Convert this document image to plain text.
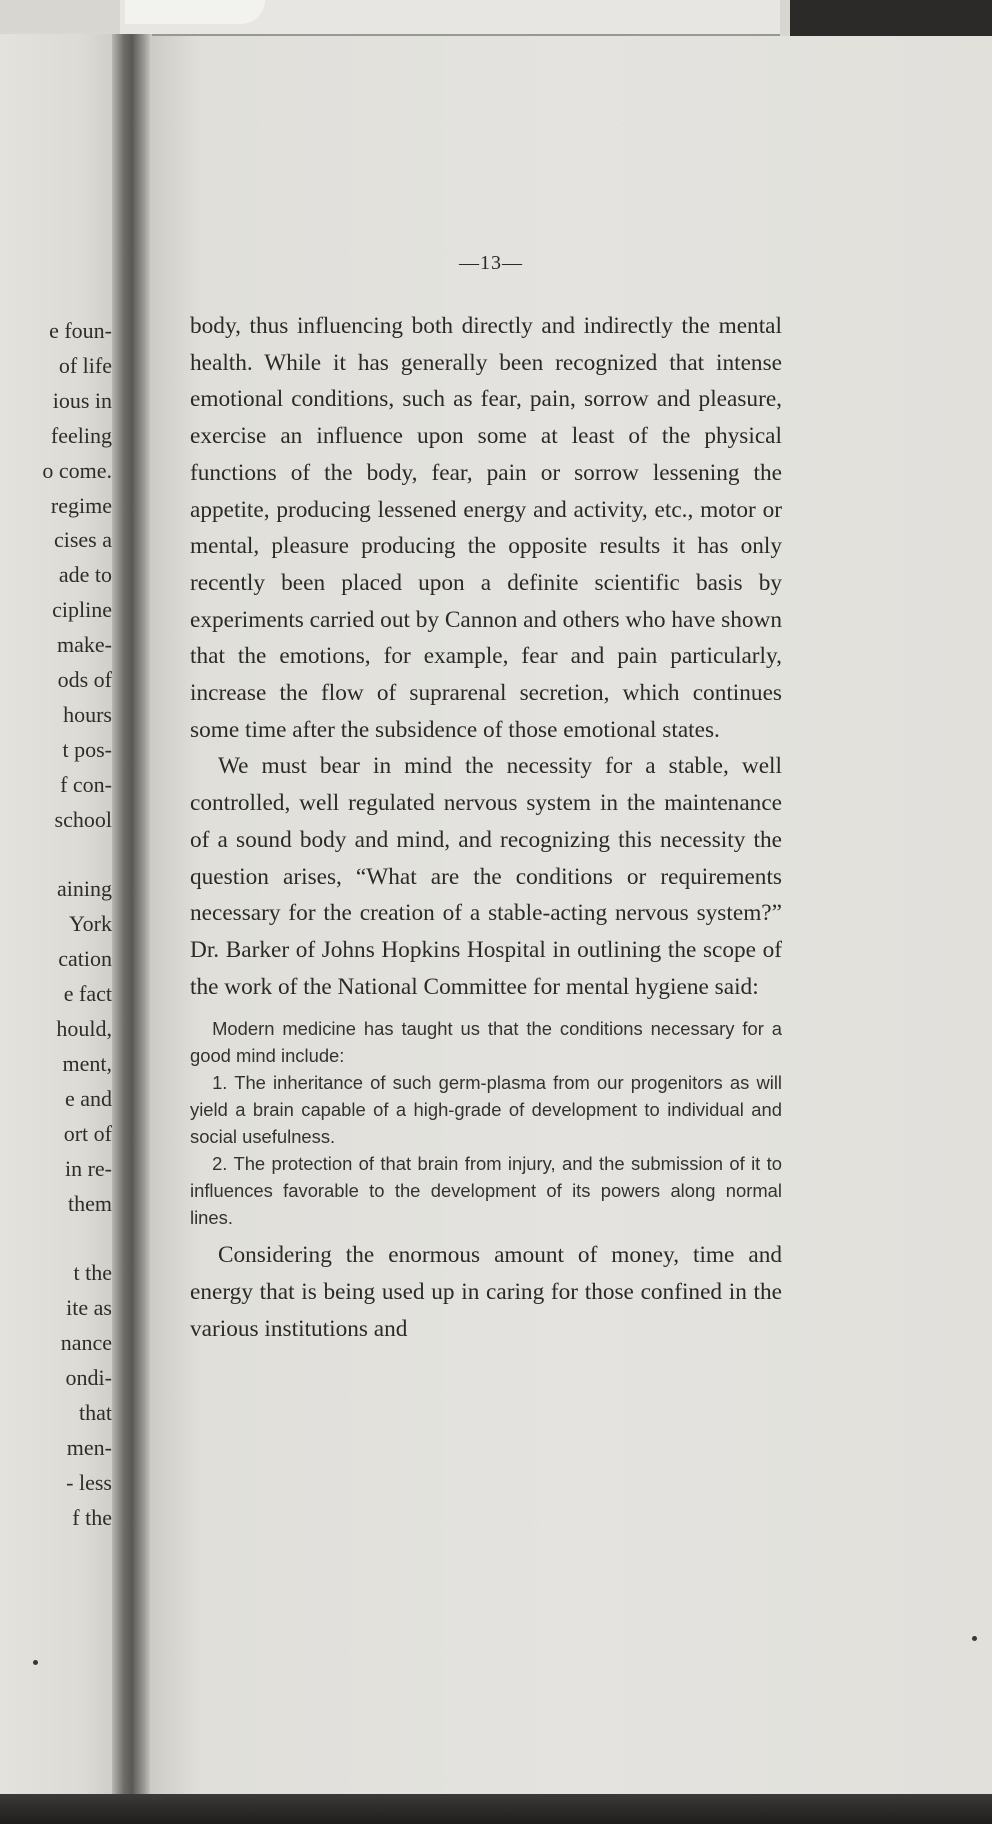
e foun-
of life
ious in
feeling
o come.
regime
cises a
ade to
cipline
make-
ods of
hours
t pos-
f con-
school
aining
York
cation
e fact
hould,
ment,
e and
ort of
in re-
them
t the
ite as
nance
ondi-
that
men-
- less
f the
—13—

body, thus influencing both directly and indirectly the mental health. While it has generally been recognized that intense emotional conditions, such as fear, pain, sorrow and pleasure, exercise an influence upon some at least of the physical functions of the body, fear, pain or sorrow lessening the appetite, producing lessened energy and activity, etc., motor or mental, pleasure producing the opposite results it has only recently been placed upon a definite scientific basis by experiments carried out by Cannon and others who have shown that the emotions, for example, fear and pain particularly, increase the flow of suprarenal secretion, which continues some time after the subsidence of those emotional states.

We must bear in mind the necessity for a stable, well controlled, well regulated nervous system in the maintenance of a sound body and mind, and recognizing this necessity the question arises, “What are the conditions or requirements necessary for the creation of a stable-acting nervous system?” Dr. Barker of Johns Hopkins Hospital in outlining the scope of the work of the National Committee for mental hygiene said:

Modern medicine has taught us that the conditions necessary for a good mind include:

1. The inheritance of such germ-plasma from our progenitors as will yield a brain capable of a high-grade of development to individual and social usefulness.

2. The protection of that brain from injury, and the submission of it to influences favorable to the development of its powers along normal lines.

Considering the enormous amount of money, time and energy that is being used up in caring for those confined in the various institutions and
